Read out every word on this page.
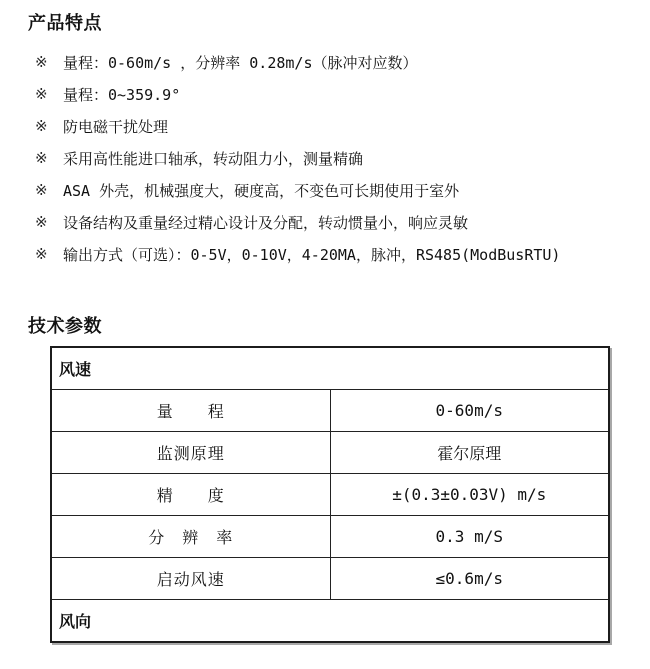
产品特点
※	量程：0-60m/s ，分辨率 0.28m/s（脉冲对应数）
※	量程：0~359.9°
※	防电磁干扰处理
※	采用高性能进口轴承，转动阻力小，测量精确
※	ASA 外壳，机械强度大，硬度高，不变色可长期使用于室外
※	设备结构及重量经过精心设计及分配，转动惯量小，响应灵敏
※	输出方式（可选）：0-5V，0-10V，4-20MA，脉冲，RS485(ModBusRTU)
技术参数
风速	
量　　程	0-60m/s
监测原理	霍尔原理
精　　度	±(0.3±0.03V) m/s
分　辨　率	0.3 m/S
启动风速	≤0.6m/s
风向	
